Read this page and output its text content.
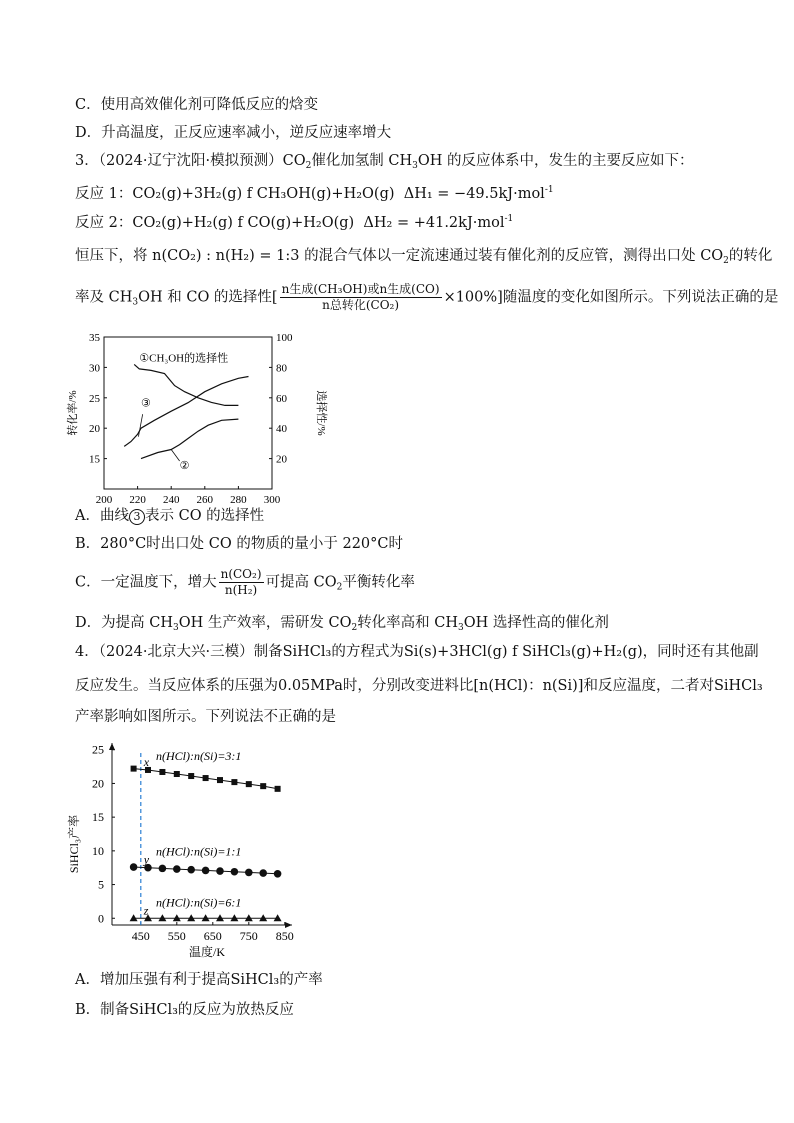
C．使用高效催化剂可降低反应的焓变
D．升高温度，正反应速率减小，逆反应速率增大
3．（2024·辽宁沈阳·模拟预测）$CO_2$催化加氢制 $CH_3OH$ 的反应体系中，发生的主要反应如下：
反应 1：CO₂(g)+3H₂(g) f CH₃OH(g)+H₂O(g) ΔH₁ = −49.5kJ·mol$^{-1}$
反应 2：CO₂(g)+H₂(g) f CO(g)+H₂O(g) ΔH₂ = +41.2kJ·mol$^{-1}$
恒压下，将 n(CO₂) : n(H₂) = 1:3 的混合气体以一定流速通过装有催化剂的反应管，测得出口处 $CO_2$的转化
率及 $CH_3OH$ 和 CO 的选择性[ $\frac{\text{n生成(CH₃OH)或n生成(CO)}}{\text{n总转化(CO₂)}} \times 100\%$]随温度的变化如图所示。下列说法正确的是
200 220 240 260 280 300
15
20
25
30
35
20
40
60
80
100
转化率/%	选择性/%
①CH₃OH的选择性
③
②
A．曲线 3 表示 CO 的选择性
B．280°C时出口处 CO 的物质的量小于 220°C时
C．一定温度下，增大 $\frac{\text{n(CO₂)}}{\text{n(H₂)}}$ 可提高 $CO_2$平衡转化率
D．为提高 $CH_3OH$ 生产效率，需研发 $CO_2$转化率高和 $CH_3OH$ 选择性高的催化剂
4．（2024·北京大兴·三模）制备SiHCl₃的方程式为Si(s)+3HCl(g) f SiHCl₃(g)+H₂(g)，同时还有其他副
反应发生。当反应体系的压强为0.05MPa时，分别改变进料比[n(HCl)：n(Si)]和反应温度，二者对SiHCl₃
产率影响如图所示。下列说法不正确的是
450 550 650 750 850
0
5
10
15
20
25
温度/K
SiHCl₃产率
n(HCl):n(Si)=3:1
x
n(HCl):n(Si)=1:1
y
n(HCl):n(Si)=6:1
z
A．增加压强有利于提高SiHCl₃的产率
B．制备SiHCl₃的反应为放热反应
